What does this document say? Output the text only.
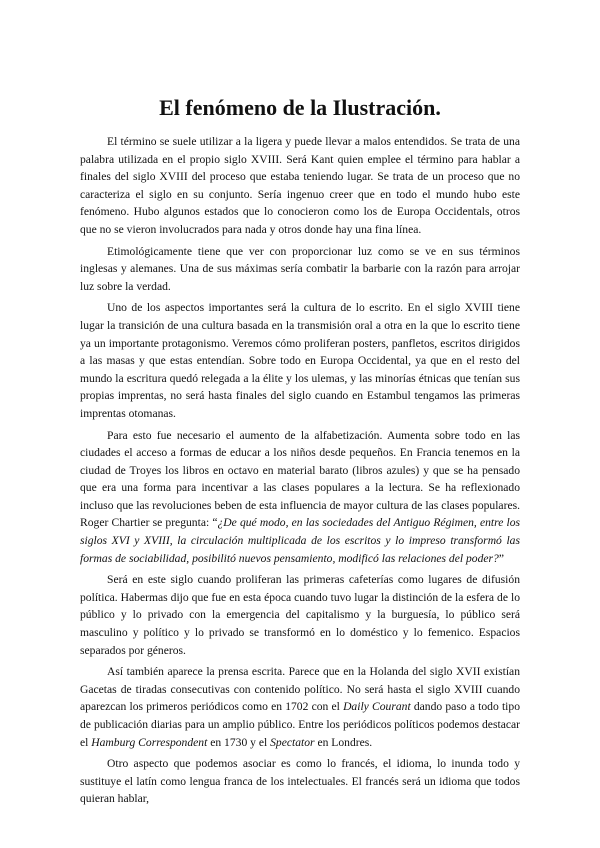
El fenómeno de la Ilustración.

El término se suele utilizar a la ligera y puede llevar a malos entendidos. Se trata de una palabra utilizada en el propio siglo XVIII. Será Kant quien emplee el término para hablar a finales del siglo XVIII del proceso que estaba teniendo lugar. Se trata de un proceso que no caracteriza el siglo en su conjunto. Sería ingenuo creer que en todo el mundo hubo este fenómeno. Hubo algunos estados que lo conocieron como los de Europa Occidentals, otros que no se vieron involucrados para nada y otros donde hay una fina línea.

Etimológicamente tiene que ver con proporcionar luz como se ve en sus términos inglesas y alemanes. Una de sus máximas sería combatir la barbarie con la razón para arrojar luz sobre la verdad.

Uno de los aspectos importantes será la cultura de lo escrito. En el siglo XVIII tiene lugar la transición de una cultura basada en la transmisión oral a otra en la que lo escrito tiene ya un importante protagonismo. Veremos cómo proliferan posters, panfletos, escritos dirigidos a las masas y que estas entendían. Sobre todo en Europa Occidental, ya que en el resto del mundo la escritura quedó relegada a la élite y los ulemas, y las minorías étnicas que tenían sus propias imprentas, no será hasta finales del siglo cuando en Estambul tengamos las primeras imprentas otomanas.

Para esto fue necesario el aumento de la alfabetización. Aumenta sobre todo en las ciudades el acceso a formas de educar a los niños desde pequeños. En Francia tenemos en la ciudad de Troyes los libros en octavo en material barato (libros azules) y que se ha pensado que era una forma para incentivar a las clases populares a la lectura. Se ha reflexionado incluso que las revoluciones beben de esta influencia de mayor cultura de las clases populares. Roger Chartier se pregunta: “¿De qué modo, en las sociedades del Antiguo Régimen, entre los siglos XVI y XVIII, la circulación multiplicada de los escritos y lo impreso transformó las formas de sociabilidad, posibilitó nuevos pensamiento, modificó las relaciones del poder?”

Será en este siglo cuando proliferan las primeras cafeterías como lugares de difusión política. Habermas dijo que fue en esta época cuando tuvo lugar la distinción de la esfera de lo público y lo privado con la emergencia del capitalismo y la burguesía, lo público será masculino y político y lo privado se transformó en lo doméstico y lo femenico. Espacios separados por géneros.

Así también aparece la prensa escrita. Parece que en la Holanda del siglo XVII existían Gacetas de tiradas consecutivas con contenido político. No será hasta el siglo XVIII cuando aparezcan los primeros periódicos como en 1702 con el Daily Courant dando paso a todo tipo de publicación diarias para un amplio público. Entre los periódicos políticos podemos destacar el Hamburg Correspondent en 1730 y el Spectator en Londres.

Otro aspecto que podemos asociar es como lo francés, el idioma, lo inunda todo y sustituye el latín como lengua franca de los intelectuales. El francés será un idioma que todos quieran hablar,
